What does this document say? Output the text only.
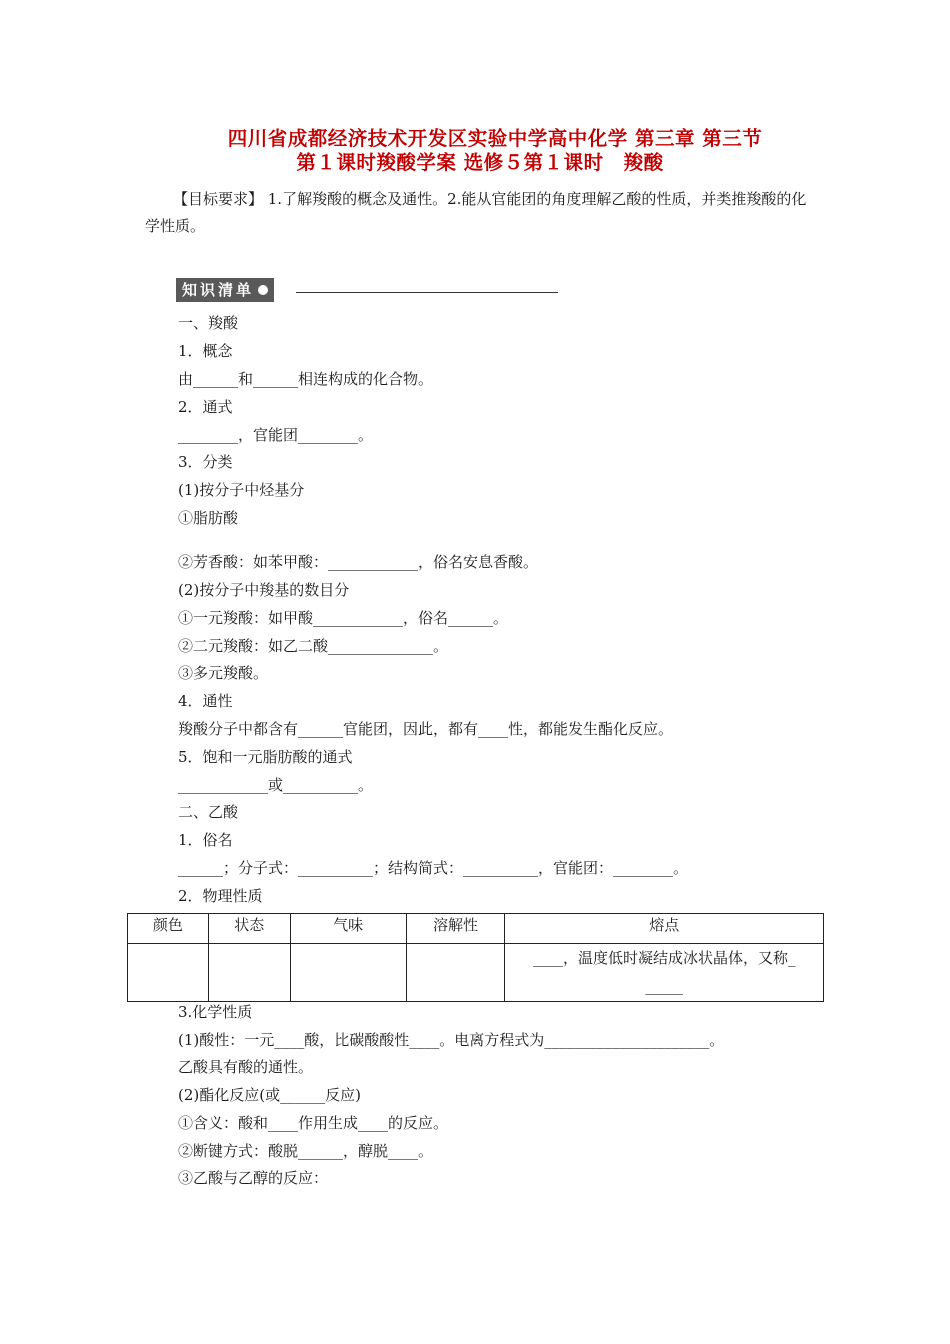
四川省成都经济技术开发区实验中学高中化学 第三章 第三节
第１课时羧酸学案 选修５第１课时　羧酸
【目标要求】 1.了解羧酸的概念及通性。2.能从官能团的角度理解乙酸的性质，并类推羧酸的化学性质。
知识清单
一、羧酸
1．概念
由______和______相连构成的化合物。
2．通式
________，官能团________。
3．分类
(1)按分子中烃基分
①脂肪酸
②芳香酸：如苯甲酸：____________，俗名安息香酸。
(2)按分子中羧基的数目分
①一元羧酸：如甲酸____________，俗名______。
②二元羧酸：如乙二酸______________。
③多元羧酸。
4．通性
羧酸分子中都含有______官能团，因此，都有____性，都能发生酯化反应。
5．饱和一元脂肪酸的通式
____________或__________。
二、乙酸
1．俗名
______；分子式：__________；结构简式：__________，官能团：________。
2．物理性质
颜色	状态	气味	溶解性	熔点
				____，温度低时凝结成冰状晶体，又称_
_____
3.化学性质
(1)酸性：一元____酸，比碳酸酸性____。电离方程式为______________________。
乙酸具有酸的通性。
(2)酯化反应(或______反应)
①含义：酸和____作用生成____的反应。
②断键方式：酸脱______，醇脱____。
③乙酸与乙醇的反应：
